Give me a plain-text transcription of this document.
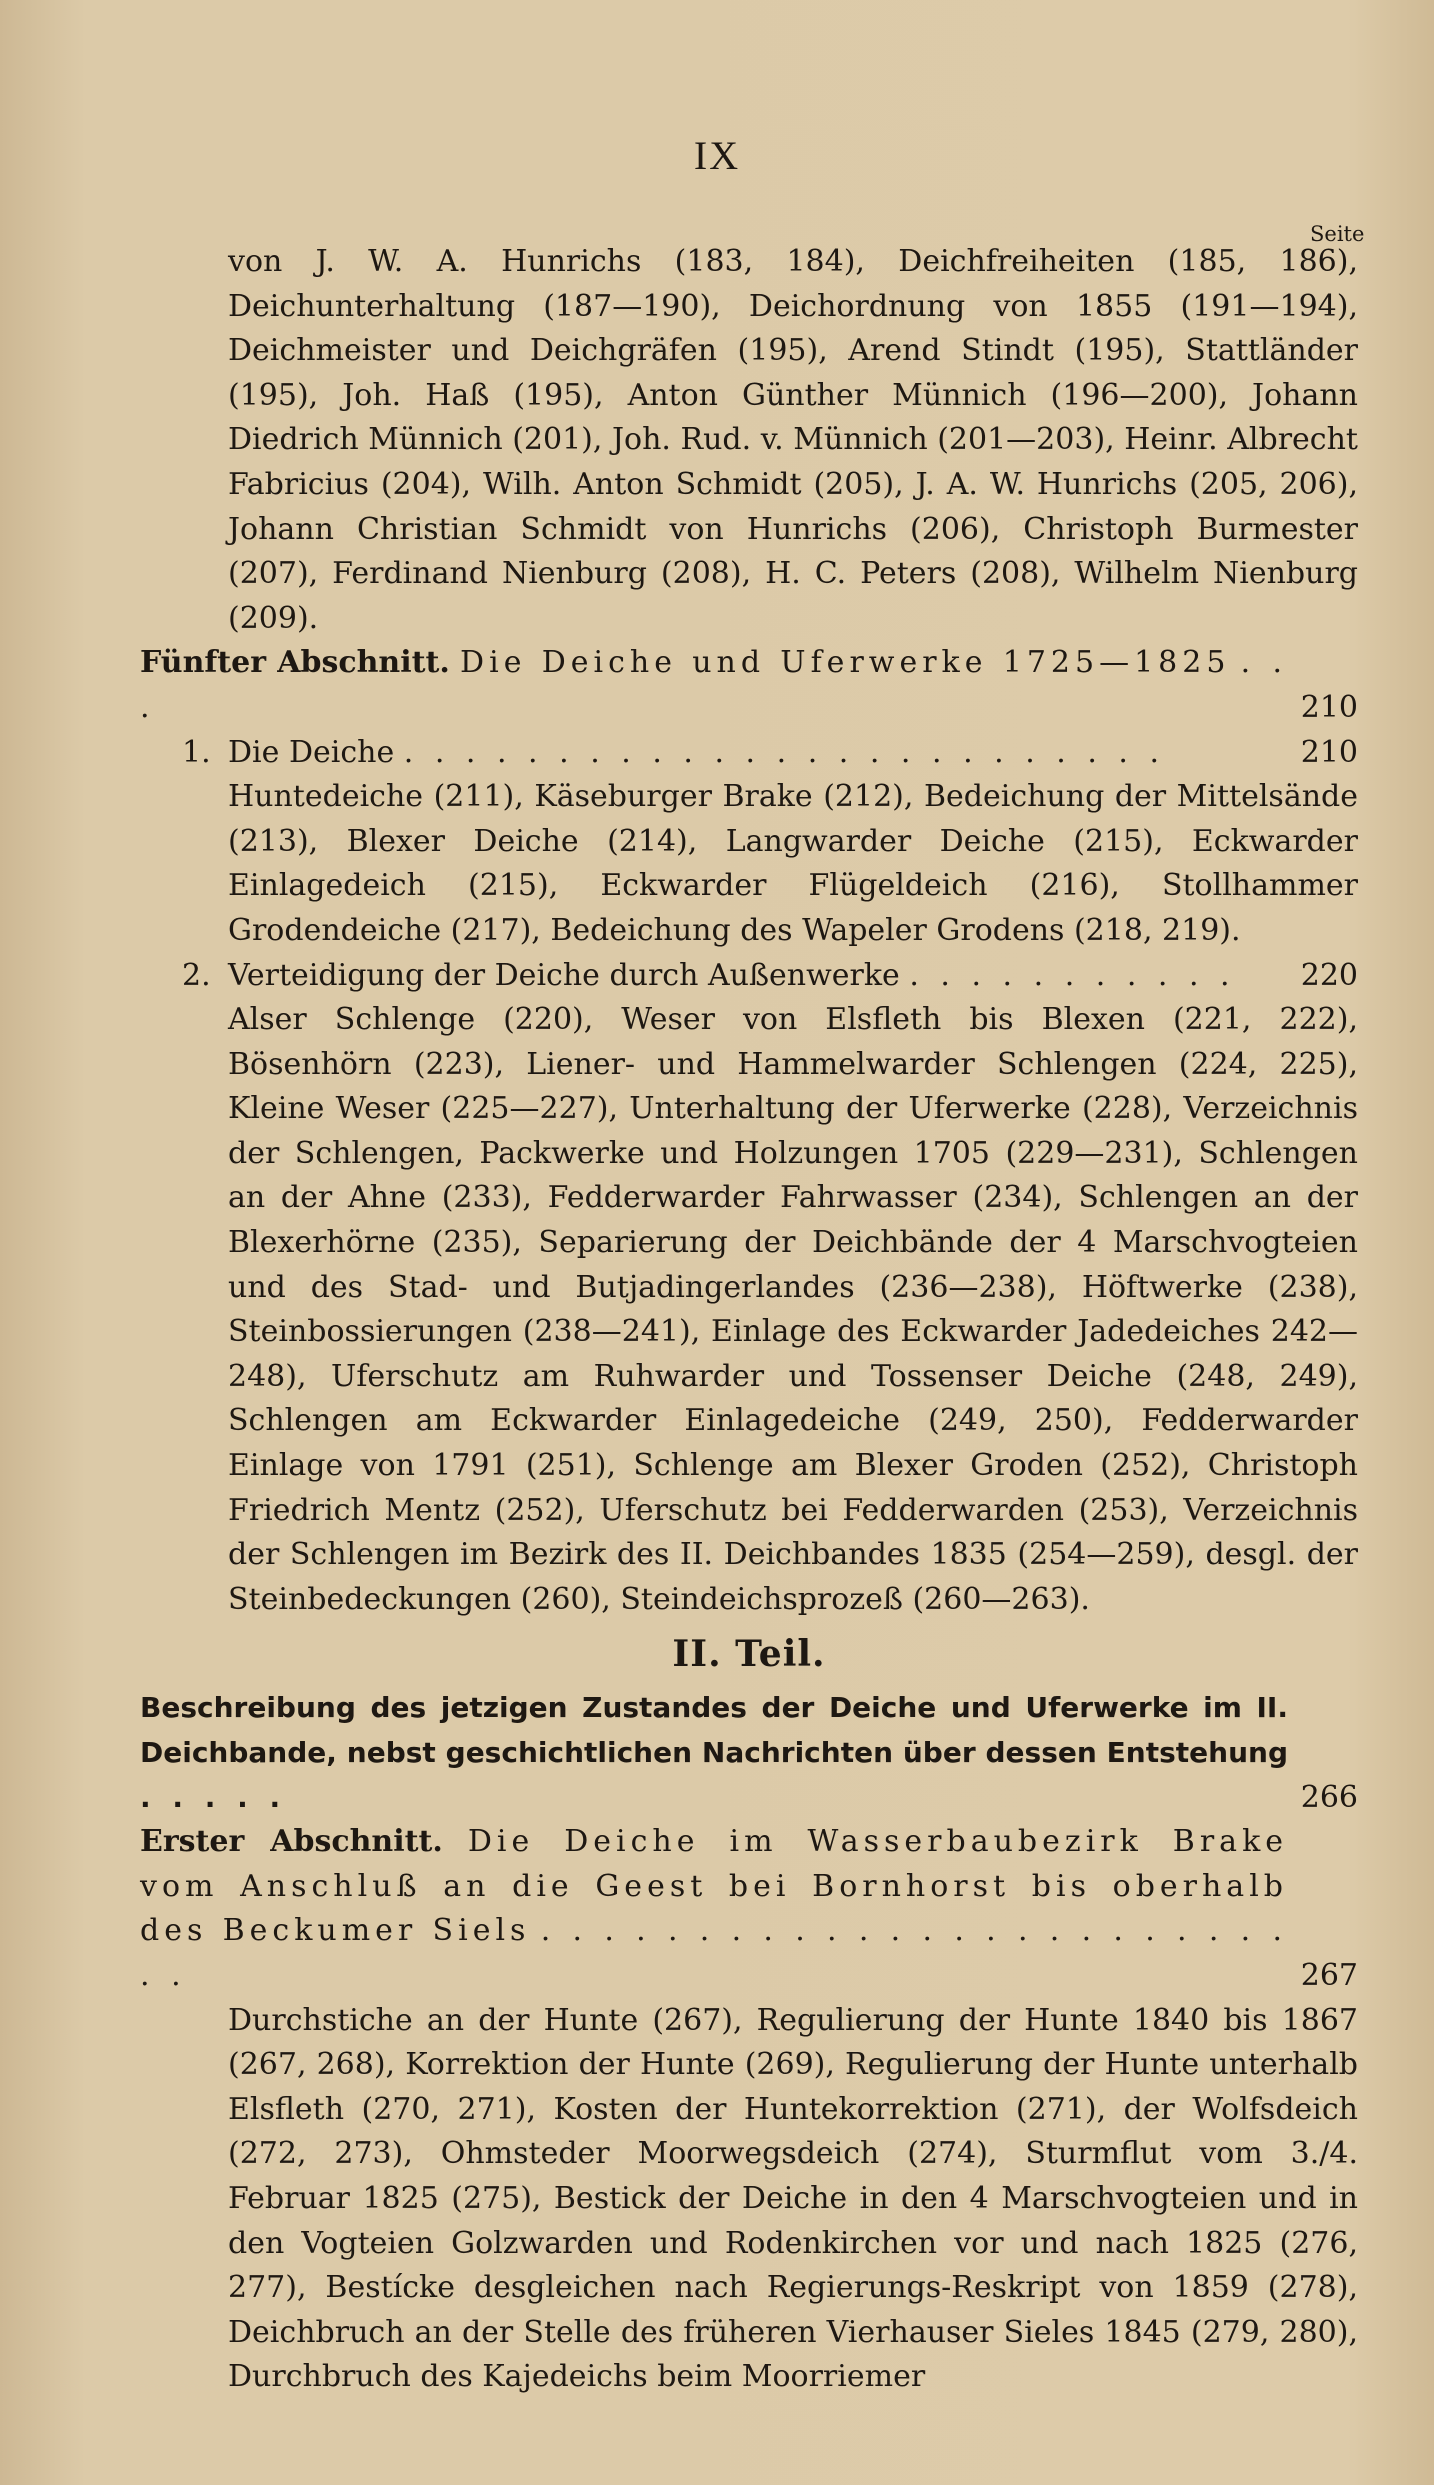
IX
Seite
von J. W. A. Hunrichs (183, 184), Deichfreiheiten (185, 186), Deichunterhaltung (187—190), Deichordnung von 1855 (191—194), Deichmeister und Deichgräfen (195), Arend Stindt (195), Stattländer (195), Joh. Haß (195), Anton Günther Münnich (196—200), Johann Diedrich Münnich (201), Joh. Rud. v. Münnich (201—203), Heinr. Albrecht Fabricius (204), Wilh. Anton Schmidt (205), J. A. W. Hunrichs (205, 206), Johann Christian Schmidt von Hunrichs (206), Christoph Burmester (207), Ferdinand Nienburg (208), H. C. Peters (208), Wilhelm Nienburg (209).
Fünfter Abschnitt. Die Deiche und Uferwerke 1725—1825 . . .	210
1. Die Deiche . . . . . . . . . . . . . . . . . . . . . . . . .	210
Huntedeiche (211), Käseburger Brake (212), Bedeichung der Mittelsände (213), Blexer Deiche (214), Langwarder Deiche (215), Eckwarder Einlagedeich (215), Eckwarder Flügeldeich (216), Stollhammer Grodendeiche (217), Bedeichung des Wapeler Grodens (218, 219).
2. Verteidigung der Deiche durch Außenwerke . . . . . . . . . . . 220
Alser Schlenge (220), Weser von Elsfleth bis Blexen (221, 222), Bösenhörn (223), Liener- und Hammelwarder Schlengen (224, 225), Kleine Weser (225—227), Unterhaltung der Uferwerke (228), Verzeichnis der Schlengen, Packwerke und Holzungen 1705 (229—231), Schlengen an der Ahne (233), Fedderwarder Fahrwasser (234), Schlengen an der Blexerhörne (235), Separierung der Deichbände der 4 Marschvogteien und des Stad- und Butjadingerlandes (236—238), Höftwerke (238), Steinbossierungen (238—241), Einlage des Eckwarder Jadedeiches 242—248), Uferschutz am Ruhwarder und Tossenser Deiche (248, 249), Schlengen am Eckwarder Einlagedeiche (249, 250), Fedderwarder Einlage von 1791 (251), Schlenge am Blexer Groden (252), Christoph Friedrich Mentz (252), Uferschutz bei Fedderwarden (253), Verzeichnis der Schlengen im Bezirk des II. Deichbandes 1835 (254—259), desgl. der Steinbedeckungen (260), Steindeichsprozeß (260—263).
II. Teil.
Beschreibung des jetzigen Zustandes der Deiche und Uferwerke im II. Deichbande, nebst geschichtlichen Nachrichten über dessen Entstehung . . . . .	266
Erster Abschnitt. Die Deiche im Wasserbaubezirk Brake vom Anschluß an die Geest bei Bornhorst bis oberhalb des Beckumer Siels . . . . . . . . . . . . . . . . . . . . . . . . . .	267
Durchstiche an der Hunte (267), Regulierung der Hunte 1840 bis 1867 (267, 268), Korrektion der Hunte (269), Regulierung der Hunte unterhalb Elsfleth (270, 271), Kosten der Huntekorrektion (271), der Wolfsdeich (272, 273), Ohmsteder Moorwegsdeich (274), Sturmflut vom 3./4. Februar 1825 (275), Bestick der Deiche in den 4 Marschvogteien und in den Vogteien Golzwarden und Rodenkirchen vor und nach 1825 (276, 277), Bestícke desgleichen nach Regierungs-Reskript von 1859 (278), Deichbruch an der Stelle des früheren Vierhauser Sieles 1845 (279, 280), Durchbruch des Kajedeichs beim Moorriemer
